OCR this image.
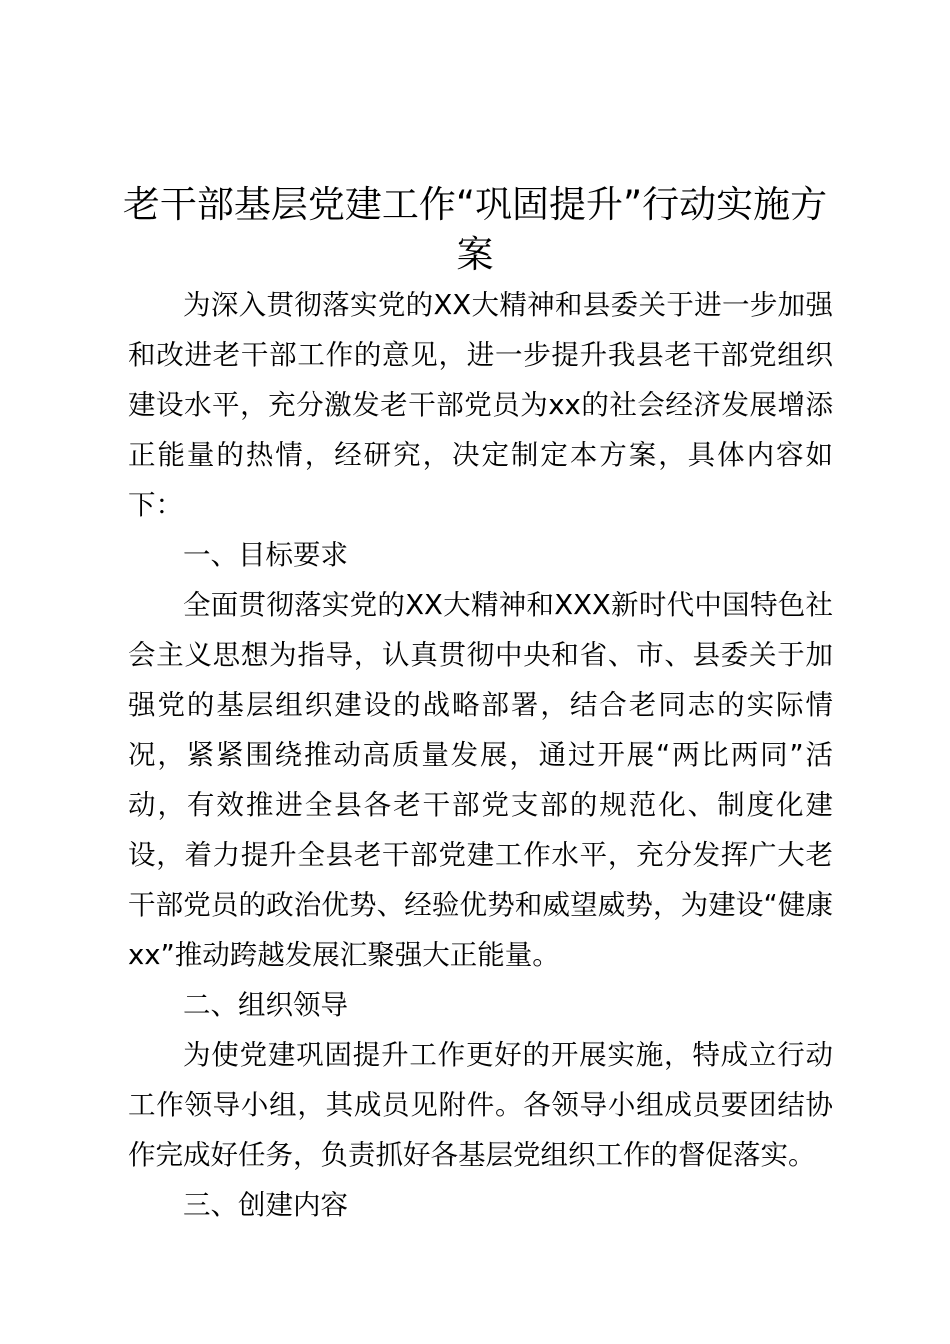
老干部基层党建工作“巩固提升”行动实施方
案

为深入贯彻落实党的XX大精神和县委关于进一步加强和改进老干部工作的意见，进一步提升我县老干部党组织建设水平，充分激发老干部党员为xx的社会经济发展增添正能量的热情，经研究，决定制定本方案，具体内容如下：

一、目标要求

全面贯彻落实党的XX大精神和XXX新时代中国特色社会主义思想为指导，认真贯彻中央和省、市、县委关于加强党的基层组织建设的战略部署，结合老同志的实际情况，紧紧围绕推动高质量发展，通过开展“两比两同”活动，有效推进全县各老干部党支部的规范化、制度化建设，着力提升全县老干部党建工作水平，充分发挥广大老干部党员的政治优势、经验优势和威望威势，为建设“健康xx”推动跨越发展汇聚强大正能量。

二、组织领导

为使党建巩固提升工作更好的开展实施，特成立行动工作领导小组，其成员见附件。各领导小组成员要团结协作完成好任务，负责抓好各基层党组织工作的督促落实。

三、创建内容
